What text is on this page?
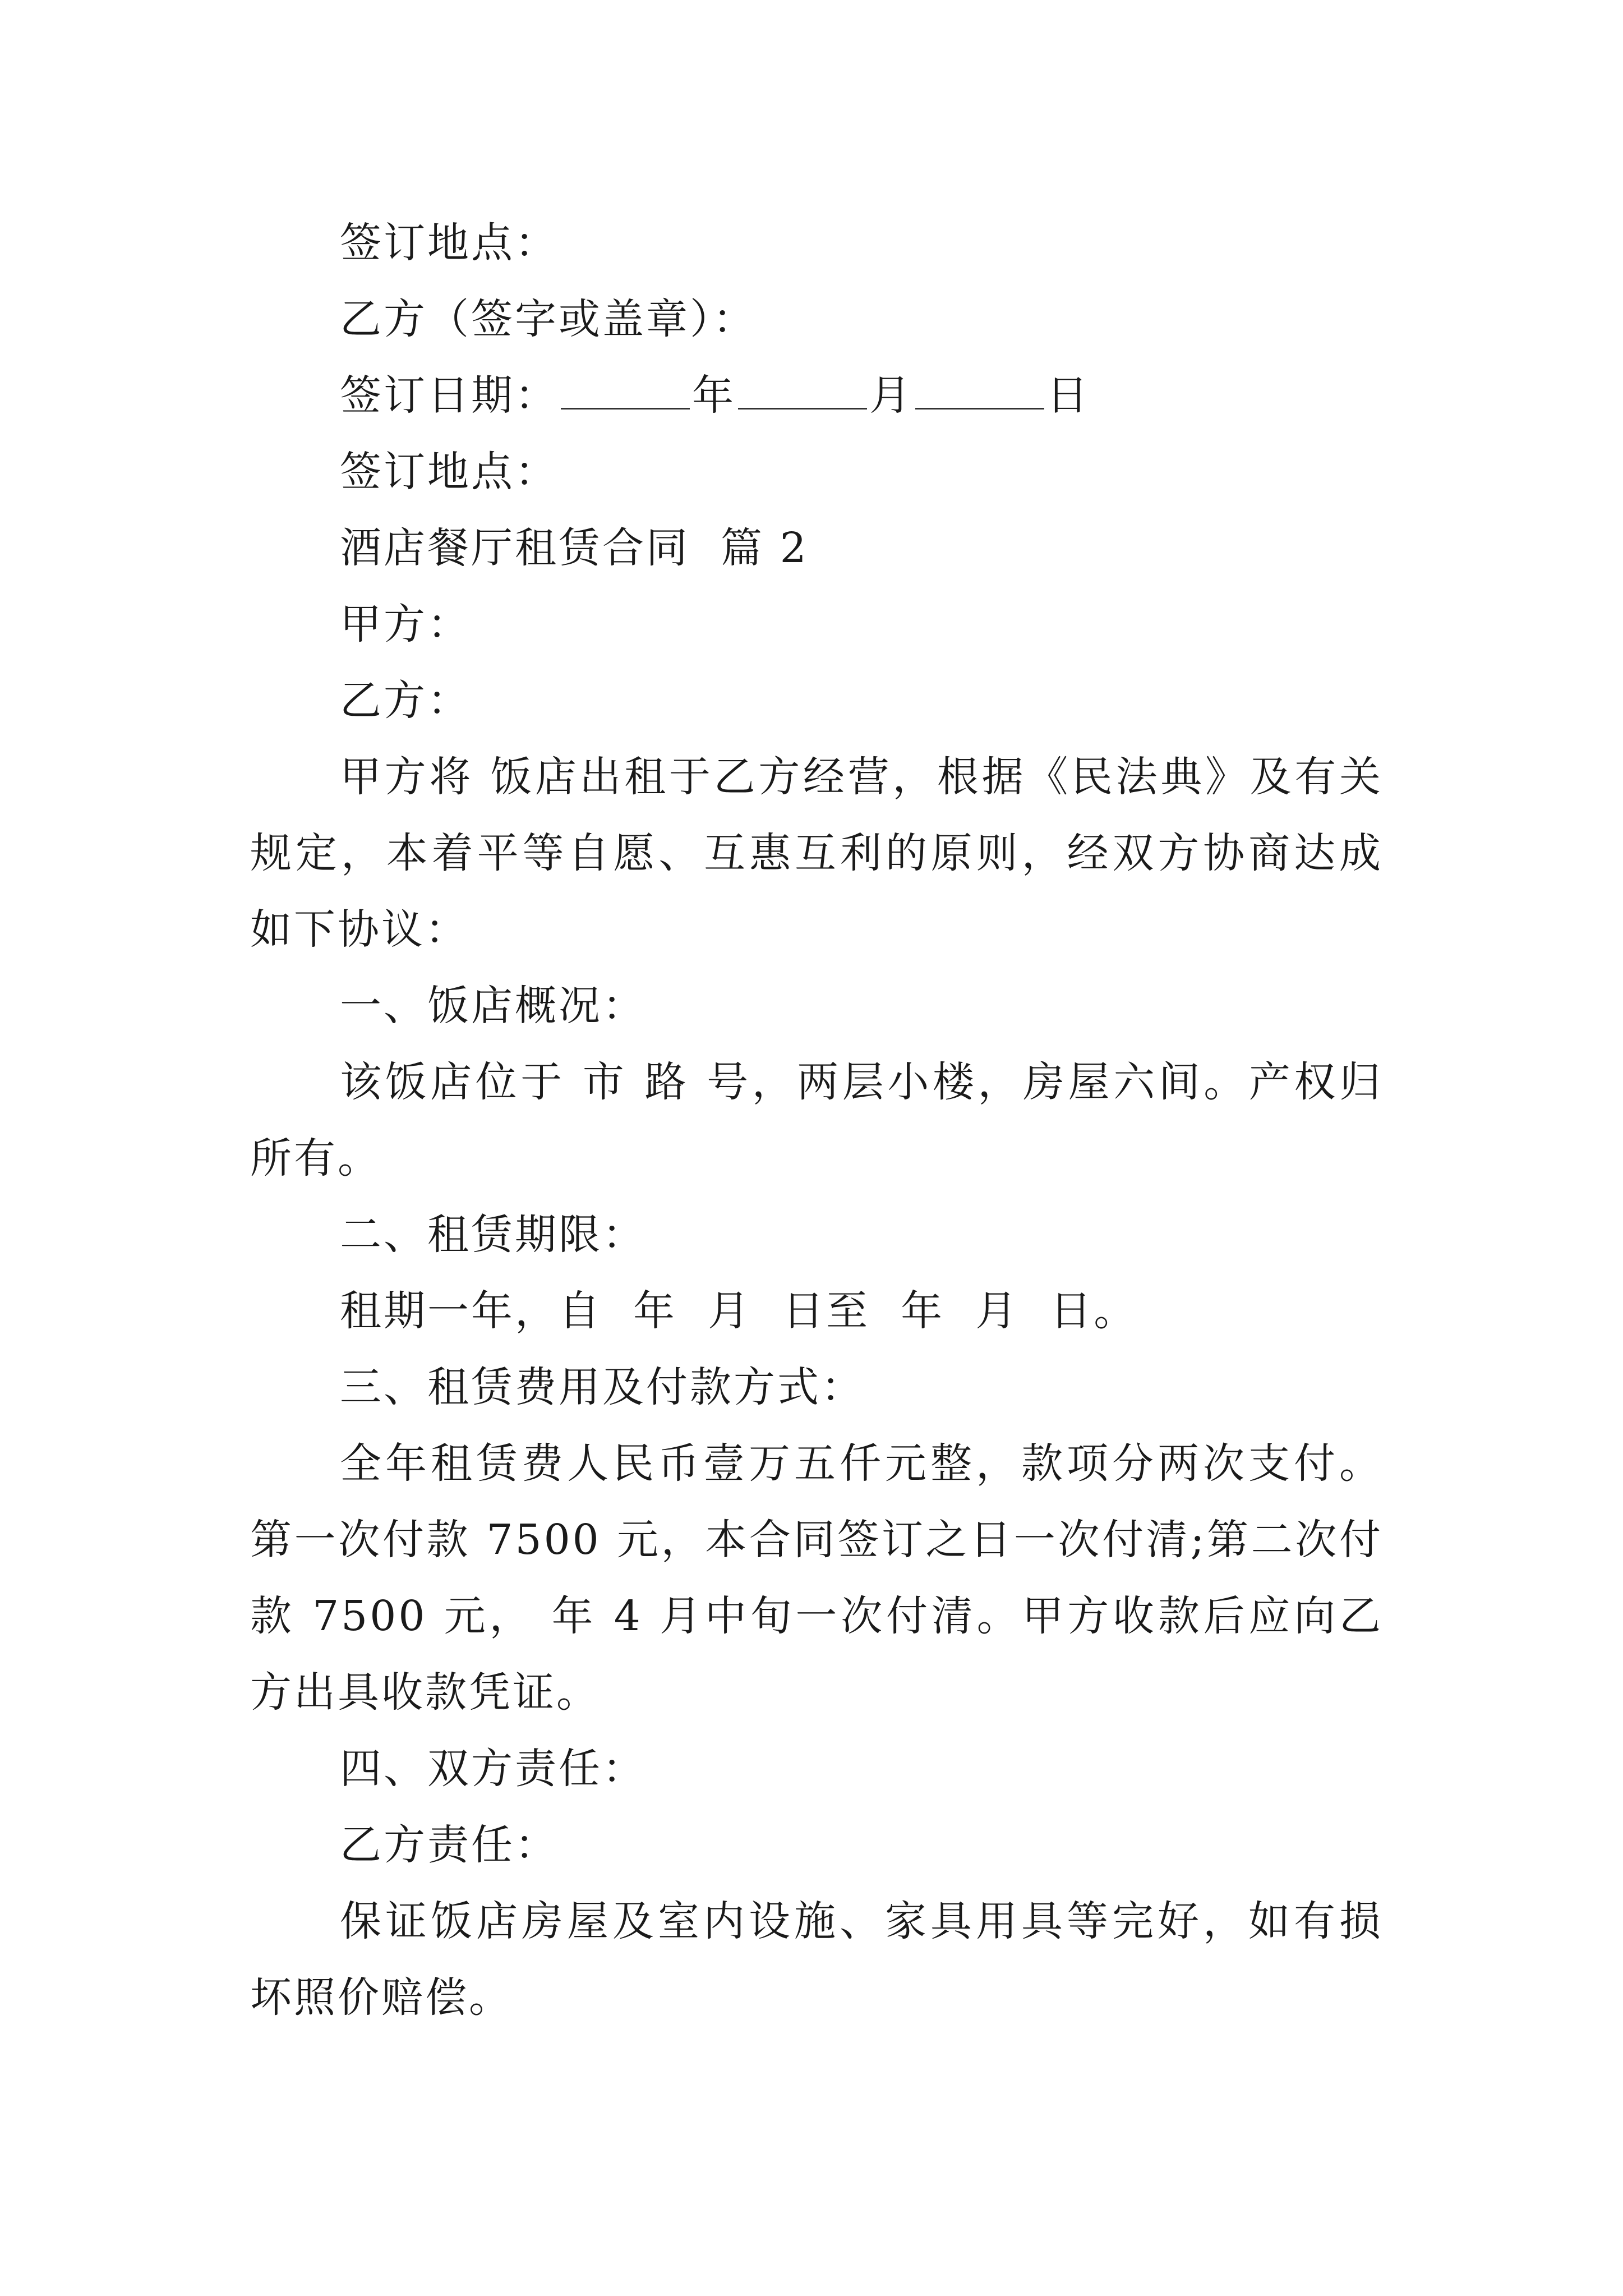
签订地点：
乙方（签字或盖章）：
签订日期：	年	月	日
签订地点：
酒店餐厅租赁合同  篇 2
甲方：
乙方：
甲方将 饭店出租于乙方经营，根据《民法典》及有关规定，本着平等自愿、互惠互利的原则，经双方协商达成如下协议：
一、饭店概况：
该饭店位于 市 路 号，两层小楼，房屋六间。产权归所有。
二、租赁期限：
租期一年，自  年  月  日至  年  月  日。
三、租赁费用及付款方式：
全年租赁费人民币壹万五仟元整，款项分两次支付。第一次付款 7500 元，本合同签订之日一次付清;第二次付款 7500 元， 年 4 月中旬一次付清。甲方收款后应向乙方出具收款凭证。
四、双方责任：
乙方责任：
保证饭店房屋及室内设施、家具用具等完好，如有损坏照价赔偿。
